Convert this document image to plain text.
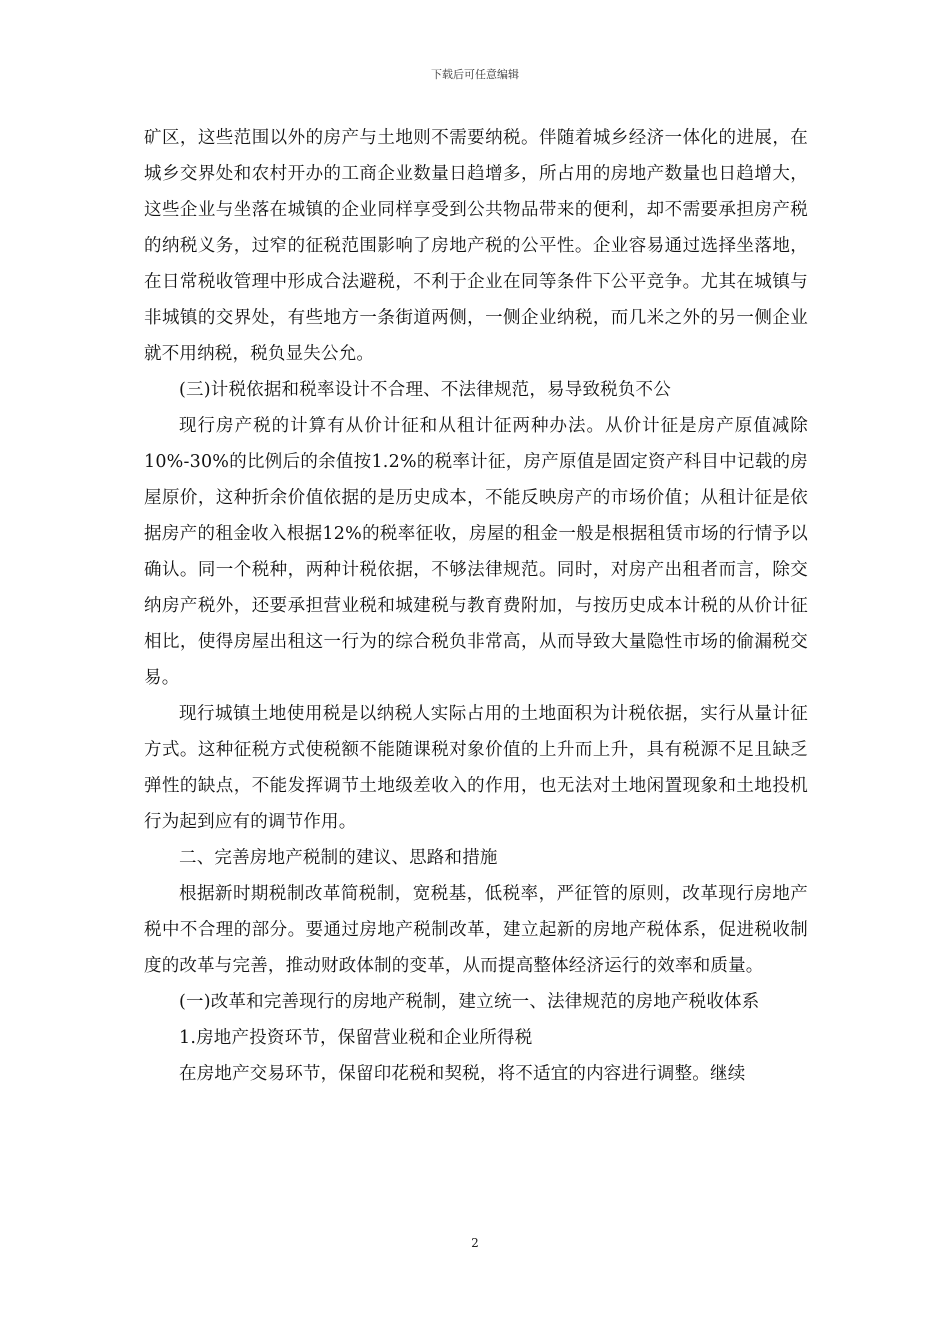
下载后可任意编辑

矿区，这些范围以外的房产与土地则不需要纳税。伴随着城乡经济一体化的进展，在城乡交界处和农村开办的工商企业数量日趋增多，所占用的房地产数量也日趋增大，这些企业与坐落在城镇的企业同样享受到公共物品带来的便利，却不需要承担房产税的纳税义务，过窄的征税范围影响了房地产税的公平性。企业容易通过选择坐落地，在日常税收管理中形成合法避税，不利于企业在同等条件下公平竞争。尤其在城镇与非城镇的交界处，有些地方一条街道两侧，一侧企业纳税，而几米之外的另一侧企业就不用纳税，税负显失公允。

(三)计税依据和税率设计不合理、不法律规范，易导致税负不公

现行房产税的计算有从价计征和从租计征两种办法。从价计征是房产原值减除10%-30%的比例后的余值按1.2%的税率计征，房产原值是固定资产科目中记载的房屋原价，这种折余价值依据的是历史成本，不能反映房产的市场价值；从租计征是依据房产的租金收入根据12%的税率征收，房屋的租金一般是根据租赁市场的行情予以确认。同一个税种，两种计税依据，不够法律规范。同时，对房产出租者而言，除交纳房产税外，还要承担营业税和城建税与教育费附加，与按历史成本计税的从价计征相比，使得房屋出租这一行为的综合税负非常高，从而导致大量隐性市场的偷漏税交易。

现行城镇土地使用税是以纳税人实际占用的土地面积为计税依据，实行从量计征方式。这种征税方式使税额不能随课税对象价值的上升而上升，具有税源不足且缺乏弹性的缺点，不能发挥调节土地级差收入的作用，也无法对土地闲置现象和土地投机行为起到应有的调节作用。

二、完善房地产税制的建议、思路和措施

根据新时期税制改革简税制，宽税基，低税率，严征管的原则，改革现行房地产税中不合理的部分。要通过房地产税制改革，建立起新的房地产税体系，促进税收制度的改革与完善，推动财政体制的变革，从而提高整体经济运行的效率和质量。

(一)改革和完善现行的房地产税制，建立统一、法律规范的房地产税收体系

1.房地产投资环节，保留营业税和企业所得税

在房地产交易环节，保留印花税和契税，将不适宜的内容进行调整。继续

2
